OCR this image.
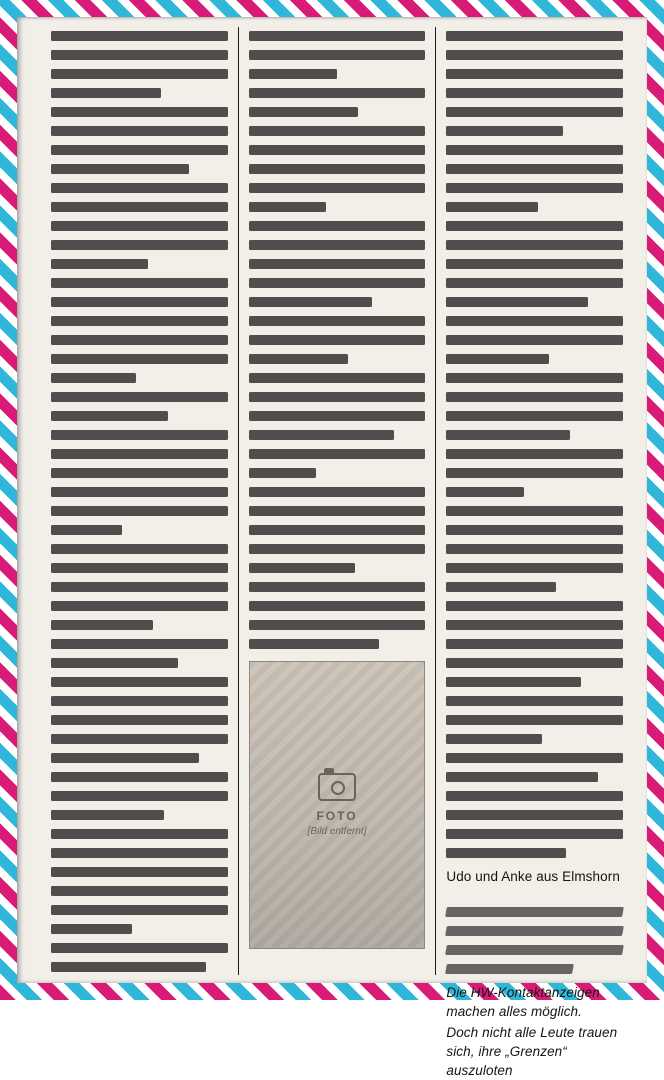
FOTO
[Bild entfernt]

Udo und Anke aus Elmshorn

Die HW-Kontaktanzeigen machen alles möglich.

Doch nicht alle Leute trauen sich, ihre „Grenzen“ auszuloten
